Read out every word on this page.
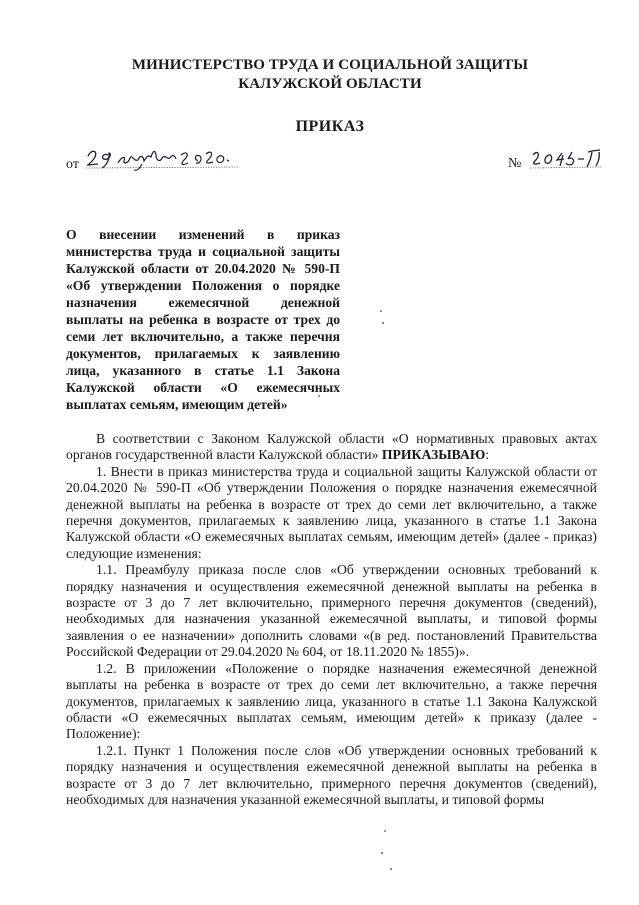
МИНИСТЕРСТВО ТРУДА И СОЦИАЛЬНОЙ ЗАЩИТЫ
КАЛУЖСКОЙ ОБЛАСТИ
ПРИКАЗ
от	№
О внесении изменений в приказ министерства труда и социальной защиты Калужской области от 20.04.2020 № 590-П «Об утверждении Положения о порядке назначения ежемесячной денежной выплаты на ребенка в возрасте от трех до семи лет включительно, а также перечня документов, прилагаемых к заявлению лица, указанного в статье 1.1 Закона Калужской области «О ежемесячных выплатах семьям, имеющим детей»

В соответствии с Законом Калужской области «О нормативных правовых актах органов государственной власти Калужской области» ПРИКАЗЫВАЮ:

1. Внести в приказ министерства труда и социальной защиты Калужской области от 20.04.2020 № 590-П «Об утверждении Положения о порядке назначения ежемесячной денежной выплаты на ребенка в возрасте от трех до семи лет включительно, а также перечня документов, прилагаемых к заявлению лица, указанного в статье 1.1 Закона Калужской области «О ежемесячных выплатах семьям, имеющим детей» (далее - приказ) следующие изменения:

1.1. Преамбулу приказа после слов «Об утверждении основных требований к порядку назначения и осуществления ежемесячной денежной выплаты на ребенка в возрасте от 3 до 7 лет включительно, примерного перечня документов (сведений), необходимых для назначения указанной ежемесячной выплаты, и типовой формы заявления о ее назначении» дополнить словами «(в ред. постановлений Правительства Российской Федерации от 29.04.2020 № 604, от 18.11.2020 № 1855)».

1.2. В приложении «Положение о порядке назначения ежемесячной денежной выплаты на ребенка в возрасте от трех до семи лет включительно, а также перечня документов, прилагаемых к заявлению лица, указанного в статье 1.1 Закона Калужской области «О ежемесячных выплатах семьям, имеющим детей» к приказу (далее - Положение):

1.2.1. Пункт 1 Положения после слов «Об утверждении основных требований к порядку назначения и осуществления ежемесячной денежной выплаты на ребенка в возрасте от 3 до 7 лет включительно, примерного перечня документов (сведений), необходимых для назначения указанной ежемесячной выплаты, и типовой формы
